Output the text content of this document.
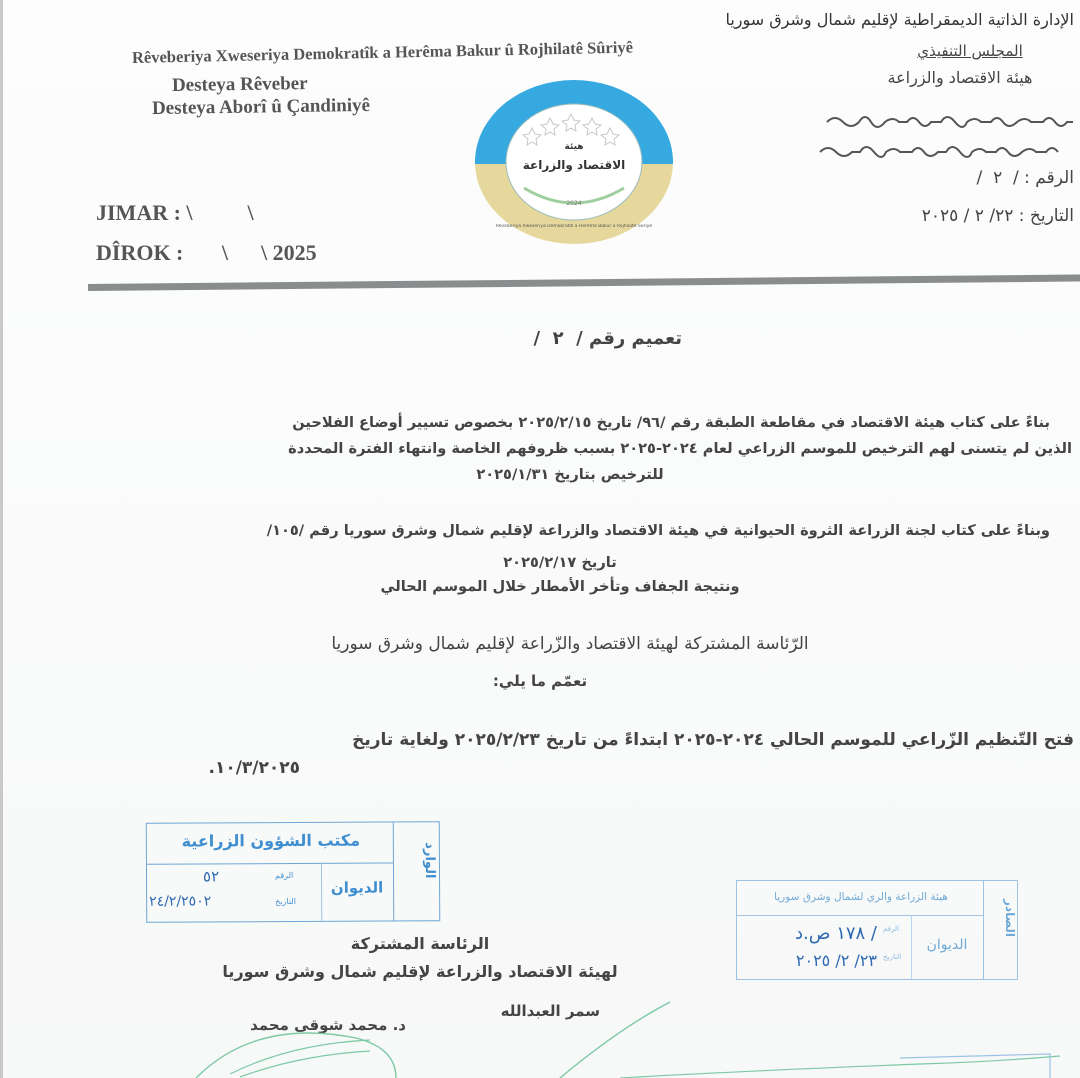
Rêveberiya Xweseriya Demokratîk a Herêma Bakur û Rojhilatê Sûriyê
Desteya Rêveber
Desteya Aborî û Çandiniyê
JIMAR : \          \
DÎROK :       \      \ 2025
الإدارة الذاتية الديمقراطية لإقليم شمال وشرق سوريا
المجلس التنفيذي
هيئة الاقتصاد والزراعة
الرقم : /  ٢  /
التاريخ : ٢٢/ ٢ / ٢٠٢٥
هيئة
الاقتصاد والزراعة
2024
Rêveberiya Xweseriya Demokratîk a Herêma Bakur û Rojhilatê Sûriyê
تعميم رقم /  ٢  /
بناءً على كتاب هيئة الاقتصاد في مقاطعة الطبقة رقم /٩٦/ تاريخ ٢٠٢٥/٢/١٥ بخصوص تسيير أوضاع الفلاحين
الذين لم يتسنى لهم الترخيص للموسم الزراعي لعام ٢٠٢٤-٢٠٢٥ بسبب ظروفهم الخاصة وانتهاء الفترة المحددة
للترخيص بتاريخ ٢٠٢٥/١/٣١
وبناءً على كتاب لجنة الزراعة الثروة الحيوانية في هيئة الاقتصاد والزراعة لإقليم شمال وشرق سوريا رقم /١٠٥/
تاريخ ٢٠٢٥/٢/١٧
ونتيجة الجفاف وتأخر الأمطار خلال الموسم الحالي
الرّئاسة المشتركة لهيئة الاقتصاد والزّراعة لإقليم شمال وشرق سوريا
تعمّم ما يلي:
فتح التّنظيم الزّراعي للموسم الحالي ٢٠٢٤-٢٠٢٥ ابتداءً من تاريخ ٢٠٢٥/٢/٢٣ ولغاية تاريخ
١٠/٣/٢٠٢٥.
الوارد
مكتب الشؤون الزراعية
الديوان
الرقم
٥٢
التاريخ
٢٤/٢/٢٥٠٢	الصادر
هيئة الزراعة والري لشمال وشرق سوريا
الديوان
الرقم
/ ١٧٨ ص.د
التاريخ
٢٣/ ٢/ ٢٠٢٥
الرئاسة المشتركة
لهيئة الاقتصاد والزراعة لإقليم شمال وشرق سوريا
سمر العبدالله
د. محمد شوقي محمد
